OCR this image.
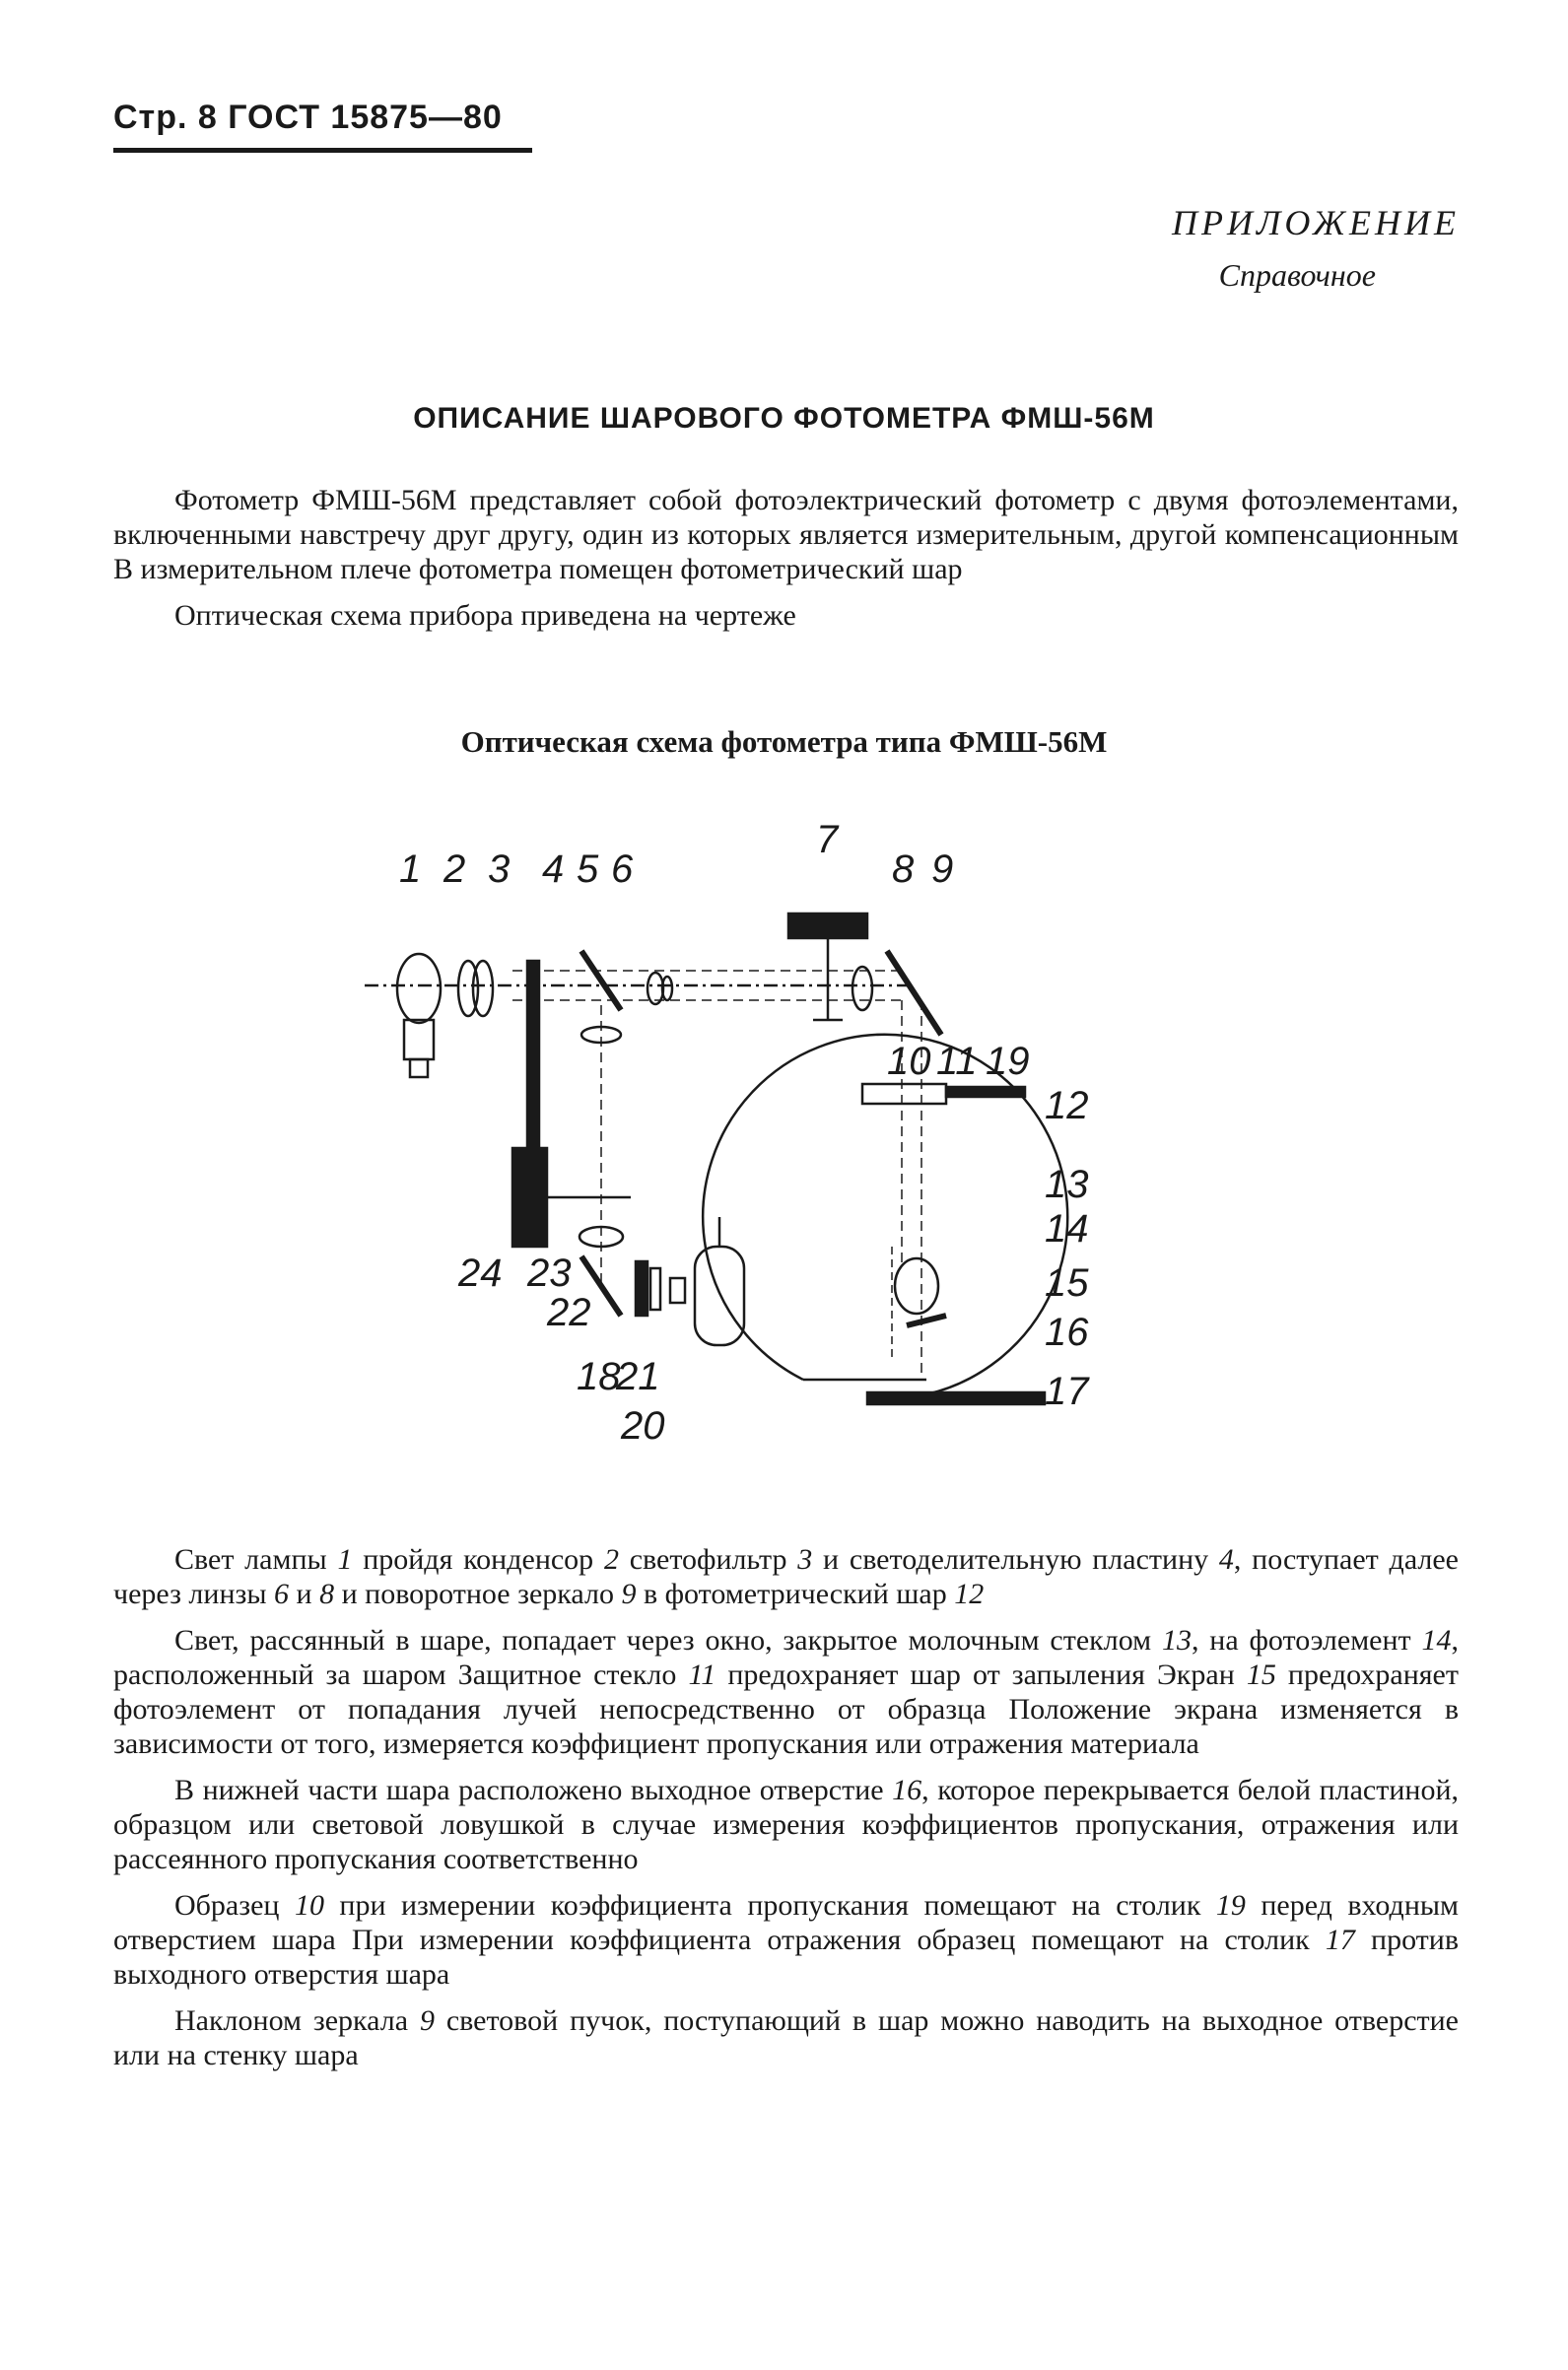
Стр. 8 ГОСТ 15875—80
ПРИЛОЖЕНИЕ
Справочное
ОПИСАНИЕ ШАРОВОГО ФОТОМЕТРА ФМШ-56М

Фотометр ФМШ-56М представляет собой фотоэлектрический фотометр с двумя фотоэлементами, включенными навстречу друг другу, один из которых является измерительным, другой компенсационным В измерительном плече фотометра помещен фотометрический шар

Оптическая схема прибора приведена на чертеже

Оптическая схема фотометра типа ФМШ-56М
1 2 3 4 5 6
7
8 9
10 11 19
12
13
14
15
16
17
24 23
22
18
21
20

Свет лампы 1 пройдя конденсор 2 светофильтр 3 и светоделительную пластину 4, поступает далее через линзы 6 и 8 и поворотное зеркало 9 в фотометрический шар 12

Свет, рассянный в шаре, попадает через окно, закрытое молочным стеклом 13, на фотоэлемент 14, расположенный за шаром Защитное стекло 11 предохраняет шар от запыления Экран 15 предохраняет фотоэлемент от попадания лучей непосредственно от образца Положение экрана изменяется в зависимости от того, измеряется коэффициент пропускания или отражения материала

В нижней части шара расположено выходное отверстие 16, которое перекрывается белой пластиной, образцом или световой ловушкой в случае измерения коэффициентов пропускания, отражения или рассеянного пропускания соответственно

Образец 10 при измерении коэффициента пропускания помещают на столик 19 перед входным отверстием шара При измерении коэффициента отражения образец помещают на столик 17 против выходного отверстия шара

Наклоном зеркала 9 световой пучок, поступающий в шар можно наводить на выходное отверстие или на стенку шара
